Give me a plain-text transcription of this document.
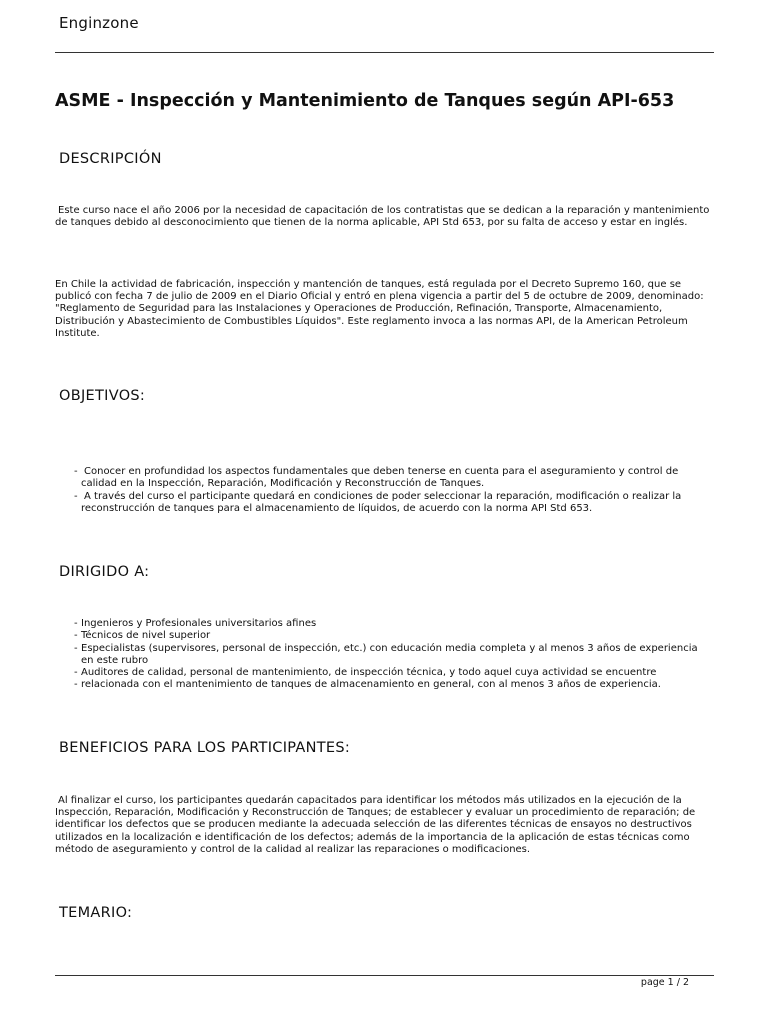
Enginzone
ASME - Inspección y Mantenimiento de Tanques según API-653
DESCRIPCIÓN

Este curso nace el año 2006 por la necesidad de capacitación de los contratistas que se dedican a la reparación y mantenimiento de tanques debido al desconocimiento que tienen de la norma aplicable, API Std 653, por su falta de acceso y estar en inglés.

En Chile la actividad de fabricación, inspección y mantención de tanques, está regulada por el Decreto Supremo 160, que se publicó con fecha 7 de julio de 2009 en el Diario Oficial y entró en plena vigencia a partir del 5 de octubre de 2009, denominado: "Reglamento de Seguridad para las Instalaciones y Operaciones de Producción, Refinación, Transporte, Almacenamiento, Distribución y Abastecimiento de Combustibles Líquidos". Este reglamento invoca a las normas API, de la American Petroleum Institute.

OBJETIVOS:
- Conocer en profundidad los aspectos fundamentales que deben tenerse en cuenta para el aseguramiento y control de calidad en la Inspección, Reparación, Modificación y Reconstrucción de Tanques.
- A través del curso el participante quedará en condiciones de poder seleccionar la reparación, modificación o realizar la reconstrucción de tanques para el almacenamiento de líquidos, de acuerdo con la norma API Std 653.
DIRIGIDO A:
- Ingenieros y Profesionales universitarios afines
- Técnicos de nivel superior
- Especialistas (supervisores, personal de inspección, etc.) con educación media completa y al menos 3 años de experiencia en este rubro
- Auditores de calidad, personal de mantenimiento, de inspección técnica, y todo aquel cuya actividad se encuentre
- relacionada con el mantenimiento de tanques de almacenamiento en general, con al menos 3 años de experiencia.
BENEFICIOS PARA LOS PARTICIPANTES:

Al finalizar el curso, los participantes quedarán capacitados para identificar los métodos más utilizados en la ejecución de la Inspección, Reparación, Modificación y Reconstrucción de Tanques; de establecer y evaluar un procedimiento de reparación; de identificar los defectos que se producen mediante la adecuada selección de las diferentes técnicas de ensayos no destructivos utilizados en la localización e identificación de los defectos; además de la importancia de la aplicación de estas técnicas como método de aseguramiento y control de la calidad al realizar las reparaciones o modificaciones.

TEMARIO:
page 1 / 2
